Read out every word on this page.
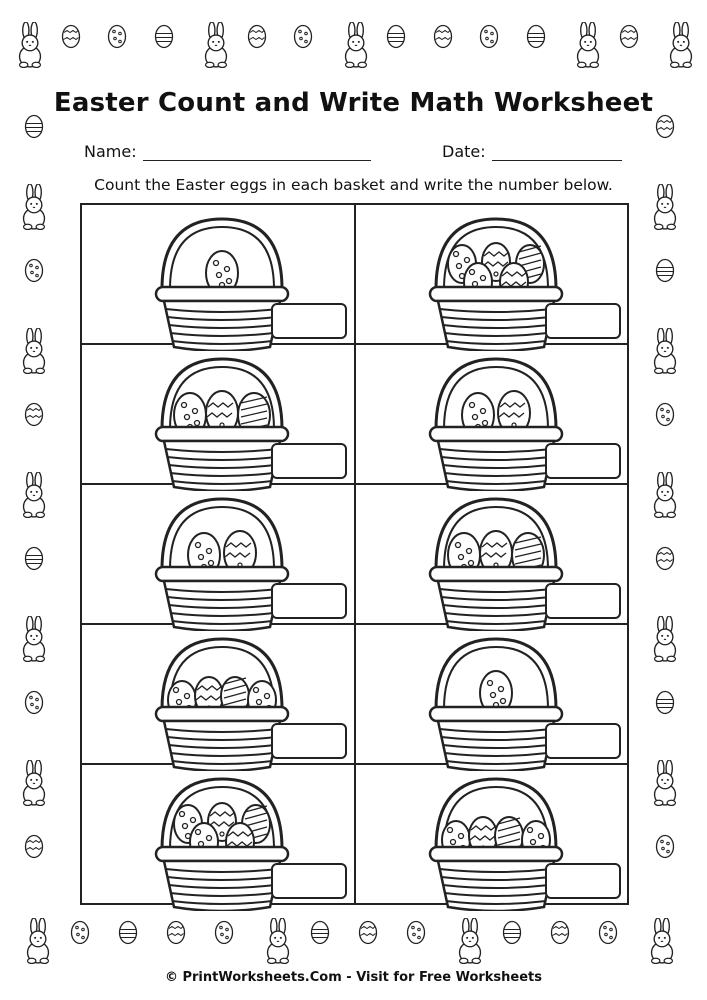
Easter Count and Write Math Worksheet
Name:	Date:
Count the Easter eggs in each basket and write the number below.
© PrintWorksheets.Com - Visit for Free Worksheets
